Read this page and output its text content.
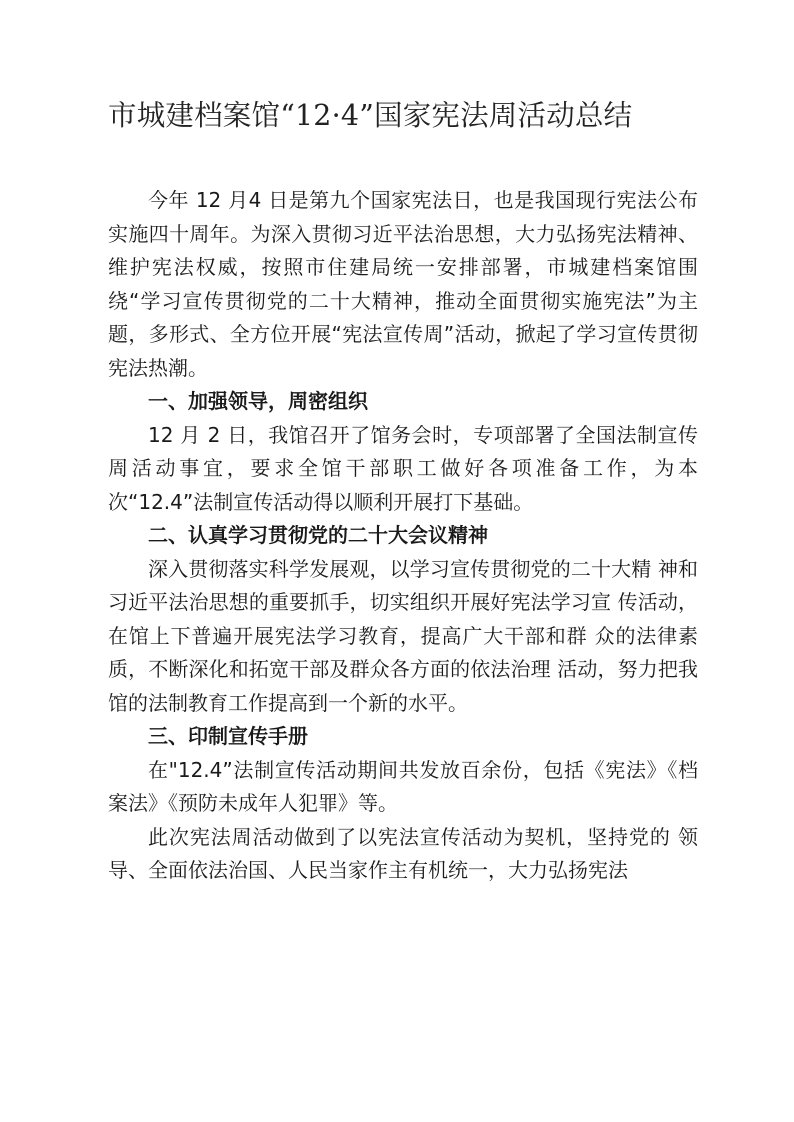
市城建档案馆“12·4”国家宪法周活动总结

今年 12 月4 日是第九个国家宪法日，也是我国现行宪法公布实施四十周年。为深入贯彻习近平法治思想，大力弘扬宪法精神、维护宪法权威，按照市住建局统一安排部署，市城建档案馆围绕“学习宣传贯彻党的二十大精神，推动全面贯彻实施宪法”为主题，多形式、全方位开展“宪法宣传周”活动，掀起了学习宣传贯彻宪法热潮。

一、加强领导，周密组织

12 月 2 日，我馆召开了馆务会时，专项部署了全国法制宣传周活动事宜，要求全馆干部职工做好各项准备工作，为本 次“12.4”法制宣传活动得以顺利开展打下基础。

二、认真学习贯彻党的二十大会议精神

深入贯彻落实科学发展观，以学习宣传贯彻党的二十大精 神和习近平法治思想的重要抓手，切实组织开展好宪法学习宣 传活动，在馆上下普遍开展宪法学习教育，提高广大干部和群 众的法律素质，不断深化和拓宽干部及群众各方面的依法治理 活动，努力把我馆的法制教育工作提高到一个新的水平。

三、印制宣传手册

在"12.4”法制宣传活动期间共发放百余份，包括《宪法》《档案法》《预防未成年人犯罪》等。

此次宪法周活动做到了以宪法宣传活动为契机，坚持党的 领导、全面依法治国、人民当家作主有机统一，大力弘扬宪法
